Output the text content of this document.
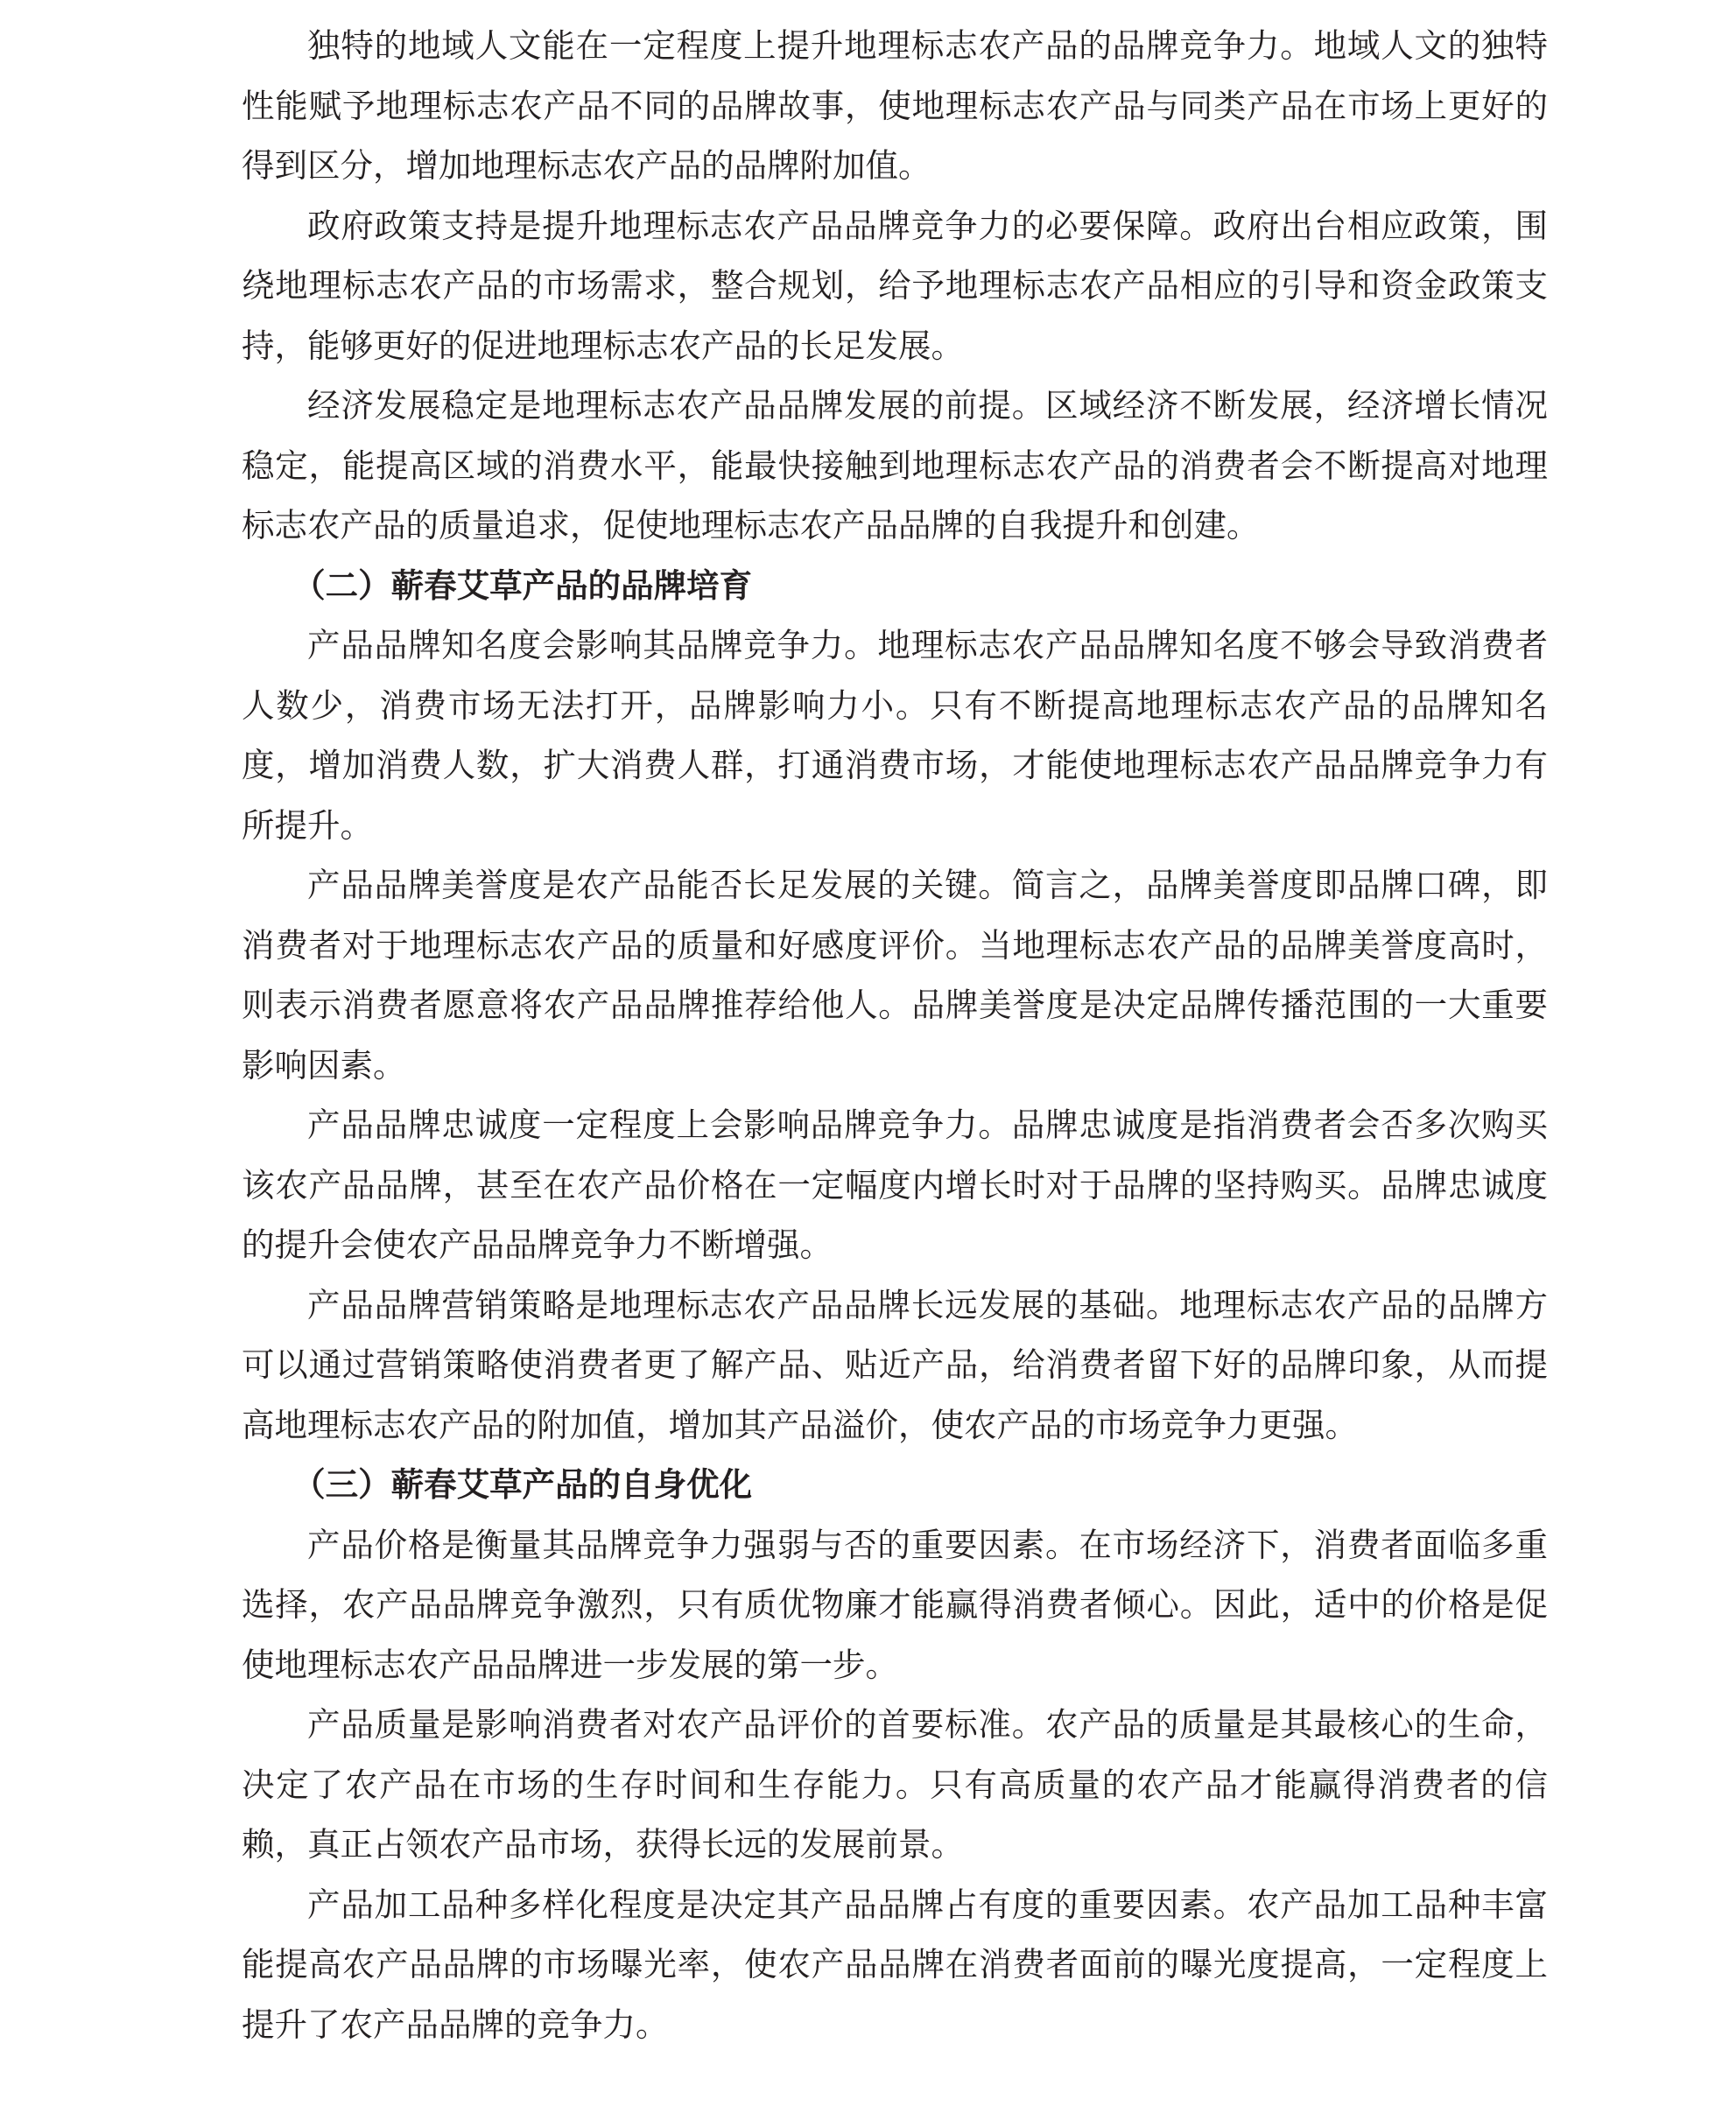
独特的地域人文能在一定程度上提升地理标志农产品的品牌竞争力。地域人文的独特性能赋予地理标志农产品不同的品牌故事，使地理标志农产品与同类产品在市场上更好的得到区分，增加地理标志农产品的品牌附加值。

政府政策支持是提升地理标志农产品品牌竞争力的必要保障。政府出台相应政策，围绕地理标志农产品的市场需求，整合规划，给予地理标志农产品相应的引导和资金政策支持，能够更好的促进地理标志农产品的长足发展。

经济发展稳定是地理标志农产品品牌发展的前提。区域经济不断发展，经济增长情况稳定，能提高区域的消费水平，能最快接触到地理标志农产品的消费者会不断提高对地理标志农产品的质量追求，促使地理标志农产品品牌的自我提升和创建。

（二）蕲春艾草产品的品牌培育

产品品牌知名度会影响其品牌竞争力。地理标志农产品品牌知名度不够会导致消费者人数少，消费市场无法打开，品牌影响力小。只有不断提高地理标志农产品的品牌知名度，增加消费人数，扩大消费人群，打通消费市场，才能使地理标志农产品品牌竞争力有所提升。

产品品牌美誉度是农产品能否长足发展的关键。简言之，品牌美誉度即品牌口碑，即消费者对于地理标志农产品的质量和好感度评价。当地理标志农产品的品牌美誉度高时，则表示消费者愿意将农产品品牌推荐给他人。品牌美誉度是决定品牌传播范围的一大重要影响因素。

产品品牌忠诚度一定程度上会影响品牌竞争力。品牌忠诚度是指消费者会否多次购买该农产品品牌，甚至在农产品价格在一定幅度内增长时对于品牌的坚持购买。品牌忠诚度的提升会使农产品品牌竞争力不断增强。

产品品牌营销策略是地理标志农产品品牌长远发展的基础。地理标志农产品的品牌方可以通过营销策略使消费者更了解产品、贴近产品，给消费者留下好的品牌印象，从而提高地理标志农产品的附加值，增加其产品溢价，使农产品的市场竞争力更强。

（三）蕲春艾草产品的自身优化

产品价格是衡量其品牌竞争力强弱与否的重要因素。在市场经济下，消费者面临多重选择，农产品品牌竞争激烈，只有质优物廉才能赢得消费者倾心。因此，适中的价格是促使地理标志农产品品牌进一步发展的第一步。

产品质量是影响消费者对农产品评价的首要标准。农产品的质量是其最核心的生命，决定了农产品在市场的生存时间和生存能力。只有高质量的农产品才能赢得消费者的信赖，真正占领农产品市场，获得长远的发展前景。

产品加工品种多样化程度是决定其产品品牌占有度的重要因素。农产品加工品种丰富能提高农产品品牌的市场曝光率，使农产品品牌在消费者面前的曝光度提高，一定程度上提升了农产品品牌的竞争力。
